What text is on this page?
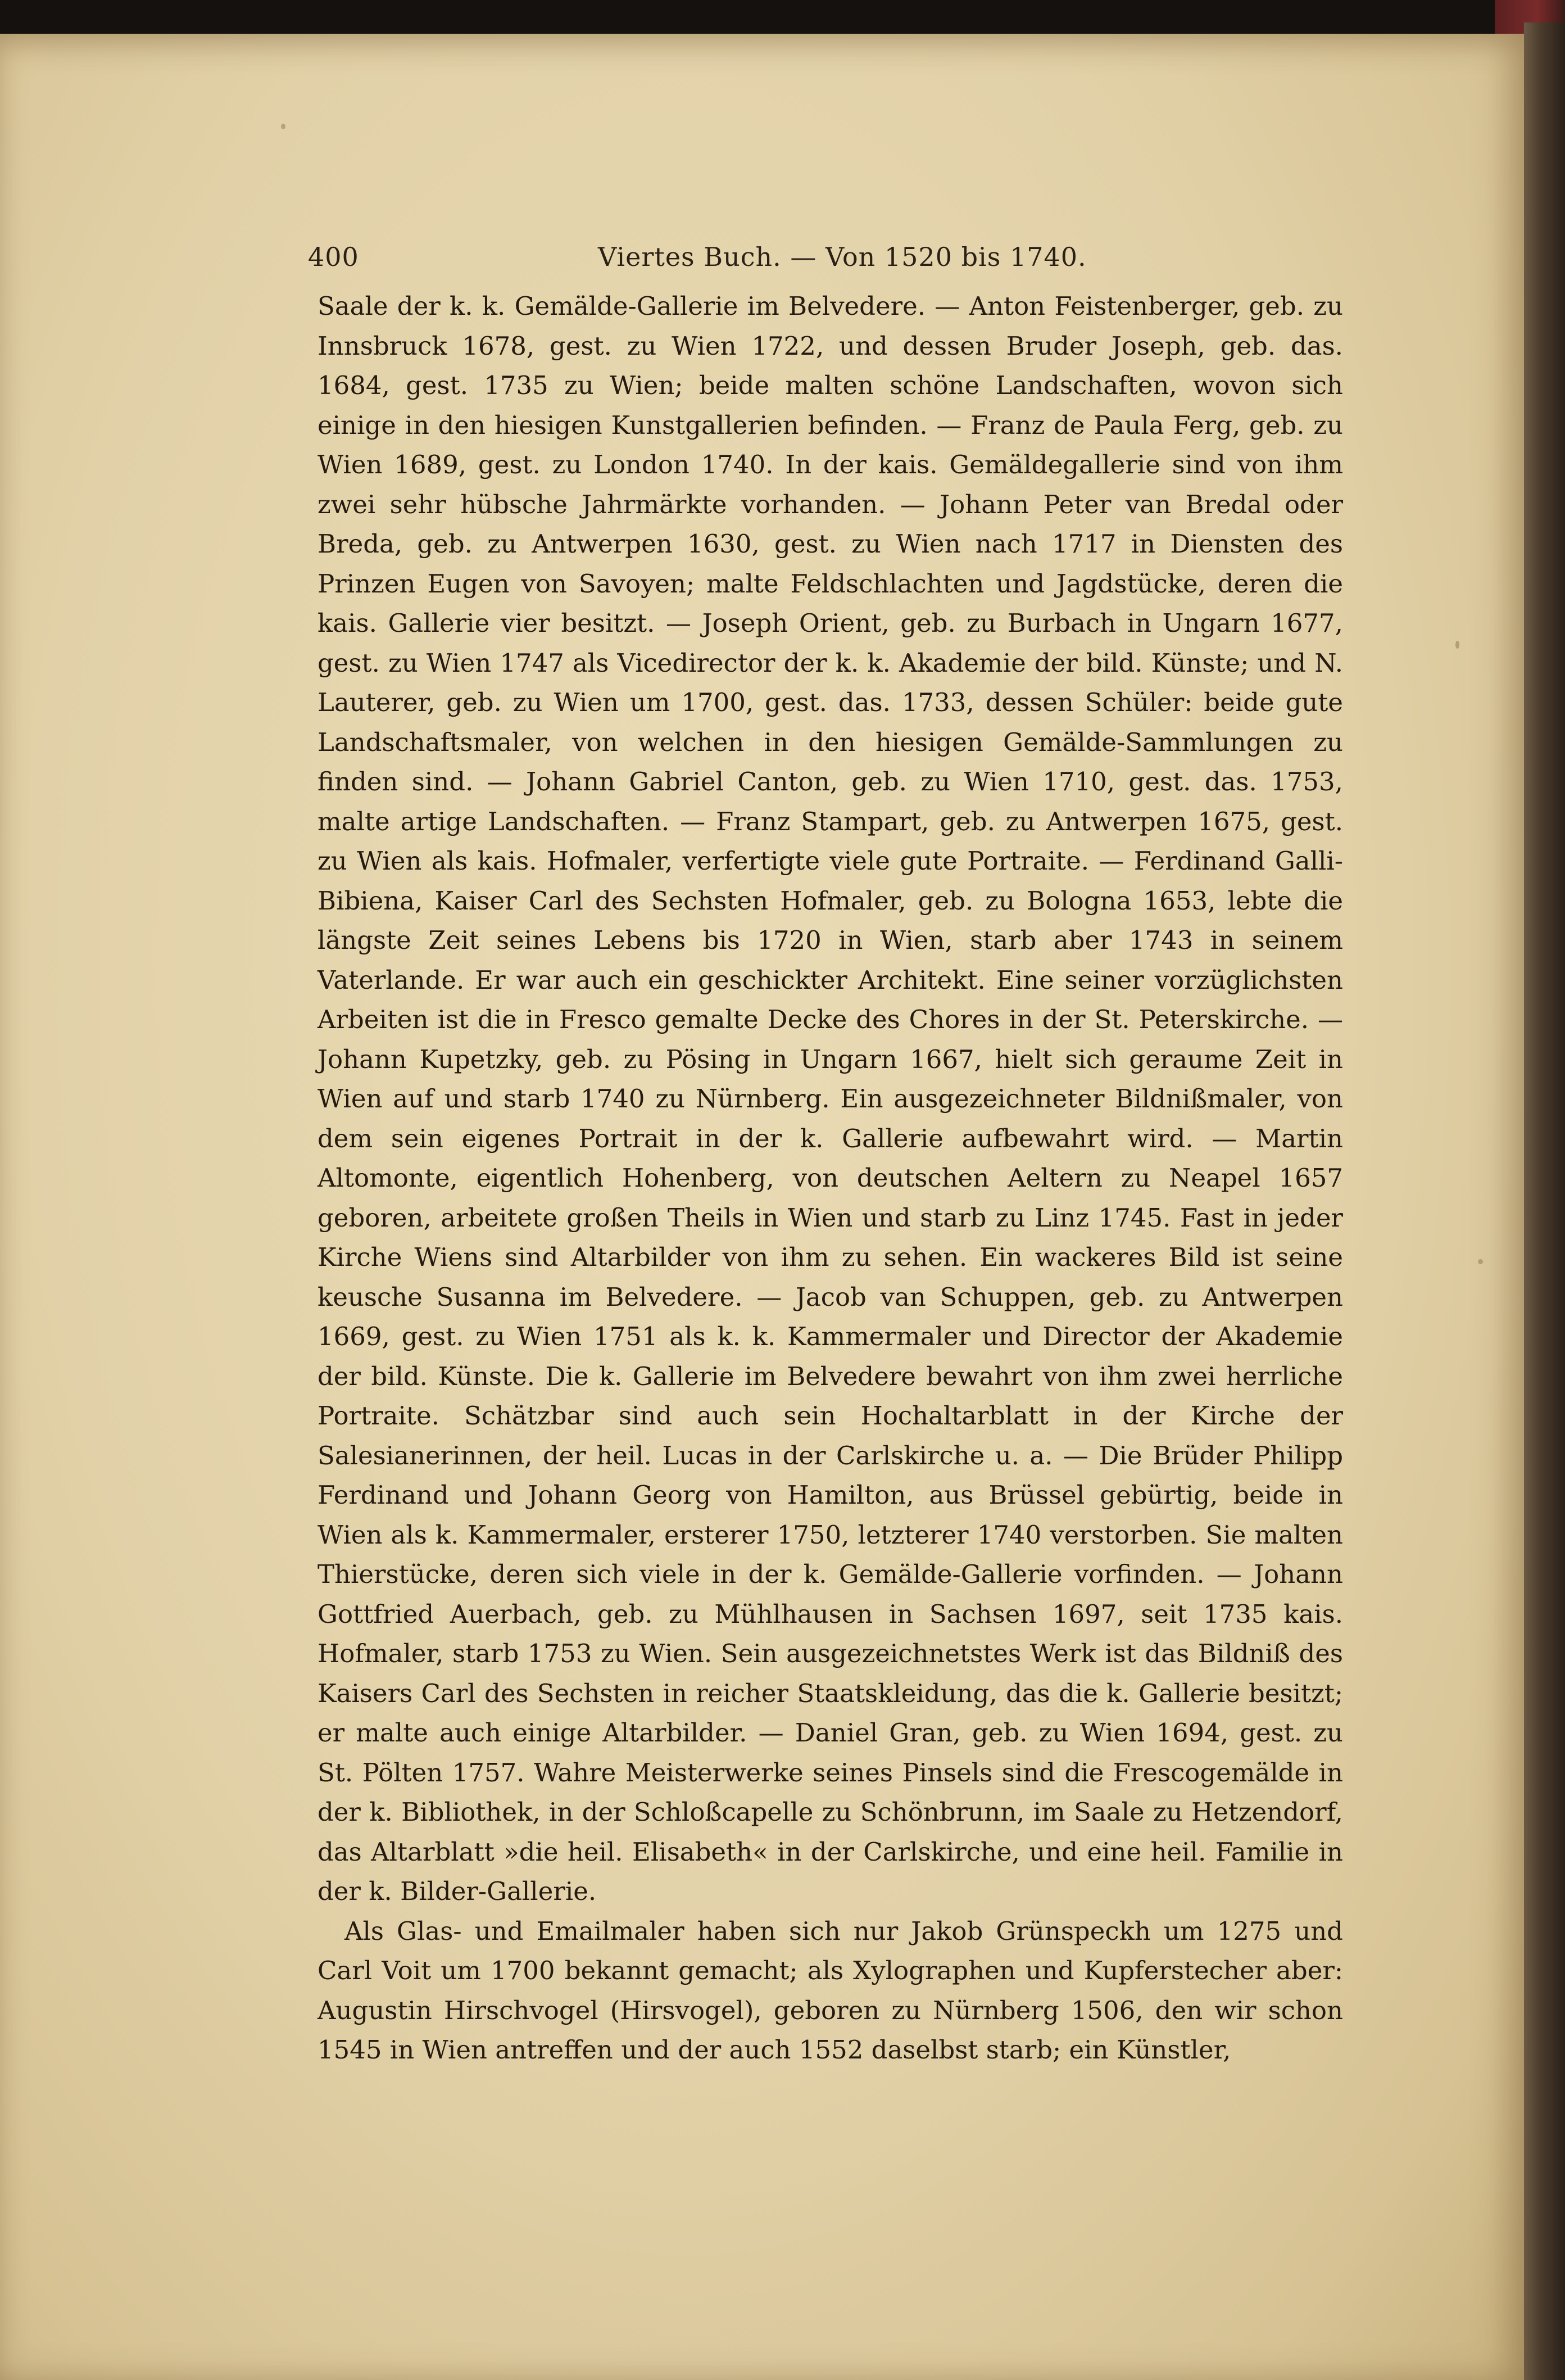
400	Viertes Buch. — Von 1520 bis 1740.

Saale der k. k. Gemälde-Gallerie im Belvedere. — Anton Feistenberger, geb. zu Innsbruck 1678, gest. zu Wien 1722, und dessen Bruder Joseph, geb. das. 1684, gest. 1735 zu Wien; beide malten schöne Landschaften, wovon sich einige in den hiesigen Kunstgallerien befinden. — Franz de Paula Ferg, geb. zu Wien 1689, gest. zu London 1740. In der kais. Gemäldegallerie sind von ihm zwei sehr hübsche Jahrmärkte vorhanden. — Johann Peter van Bredal oder Breda, geb. zu Antwerpen 1630, gest. zu Wien nach 1717 in Diensten des Prinzen Eugen von Savoyen; malte Feldschlachten und Jagdstücke, deren die kais. Gallerie vier besitzt. — Joseph Orient, geb. zu Burbach in Ungarn 1677, gest. zu Wien 1747 als Vicedirector der k. k. Akademie der bild. Künste; und N. Lauterer, geb. zu Wien um 1700, gest. das. 1733, dessen Schüler: beide gute Landschaftsmaler, von welchen in den hiesigen Gemälde-Sammlungen zu finden sind. — Johann Gabriel Canton, geb. zu Wien 1710, gest. das. 1753, malte artige Landschaften. — Franz Stampart, geb. zu Antwerpen 1675, gest. zu Wien als kais. Hofmaler, verfertigte viele gute Portraite. — Ferdinand Galli-Bibiena, Kaiser Carl des Sechsten Hofmaler, geb. zu Bologna 1653, lebte die längste Zeit seines Lebens bis 1720 in Wien, starb aber 1743 in seinem Vaterlande. Er war auch ein geschickter Architekt. Eine seiner vorzüglichsten Arbeiten ist die in Fresco gemalte Decke des Chores in der St. Peterskirche. — Johann Kupetzky, geb. zu Pösing in Ungarn 1667, hielt sich geraume Zeit in Wien auf und starb 1740 zu Nürnberg. Ein ausgezeichneter Bildnißmaler, von dem sein eigenes Portrait in der k. Gallerie aufbewahrt wird. — Martin Altomonte, eigentlich Hohenberg, von deutschen Aeltern zu Neapel 1657 geboren, arbeitete großen Theils in Wien und starb zu Linz 1745. Fast in jeder Kirche Wiens sind Altarbilder von ihm zu sehen. Ein wackeres Bild ist seine keusche Susanna im Belvedere. — Jacob van Schuppen, geb. zu Antwerpen 1669, gest. zu Wien 1751 als k. k. Kammermaler und Director der Akademie der bild. Künste. Die k. Gallerie im Belvedere bewahrt von ihm zwei herrliche Portraite. Schätzbar sind auch sein Hochaltarblatt in der Kirche der Salesianerinnen, der heil. Lucas in der Carlskirche u. a. — Die Brüder Philipp Ferdinand und Johann Georg von Hamilton, aus Brüssel gebürtig, beide in Wien als k. Kammermaler, ersterer 1750, letzterer 1740 verstorben. Sie malten Thierstücke, deren sich viele in der k. Gemälde-Gallerie vorfinden. — Johann Gottfried Auerbach, geb. zu Mühlhausen in Sachsen 1697, seit 1735 kais. Hofmaler, starb 1753 zu Wien. Sein ausgezeichnetstes Werk ist das Bildniß des Kaisers Carl des Sechsten in reicher Staatskleidung, das die k. Gallerie besitzt; er malte auch einige Altarbilder. — Daniel Gran, geb. zu Wien 1694, gest. zu St. Pölten 1757. Wahre Meisterwerke seines Pinsels sind die Frescogemälde in der k. Bibliothek, in der Schloßcapelle zu Schönbrunn, im Saale zu Hetzendorf, das Altarblatt »die heil. Elisabeth« in der Carlskirche, und eine heil. Familie in der k. Bilder-Gallerie.

Als Glas- und Emailmaler haben sich nur Jakob Grünspeckh um 1275 und Carl Voit um 1700 bekannt gemacht; als Xylographen und Kupferstecher aber: Augustin Hirschvogel (Hirsvogel), geboren zu Nürnberg 1506, den wir schon 1545 in Wien antreffen und der auch 1552 daselbst starb; ein Künstler,
